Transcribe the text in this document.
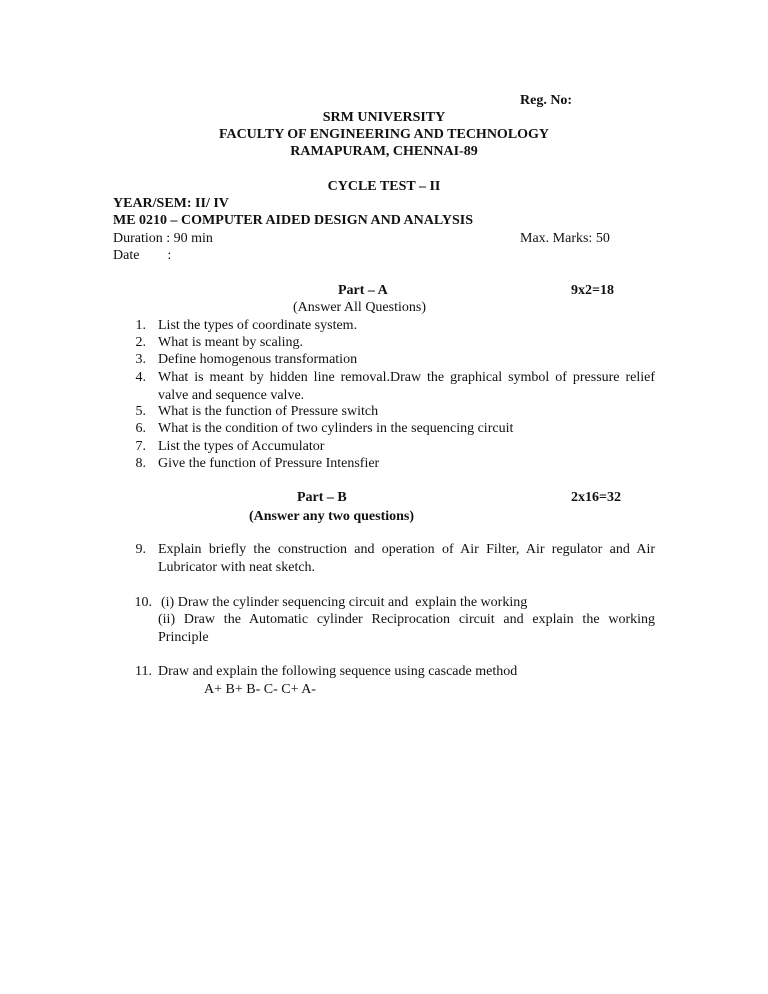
Reg. No:
SRM UNIVERSITY
FACULTY OF ENGINEERING AND TECHNOLOGY
RAMAPURAM, CHENNAI-89
CYCLE TEST – II
YEAR/SEM: II/ IV
ME 0210 – COMPUTER AIDED DESIGN AND ANALYSIS
Duration : 90 min	Max. Marks: 50
Date        :
Part – A	9x2=18
(Answer All Questions)
1. List the types of coordinate system.
2. What is meant by scaling.
3. Define homogenous transformation
4. What is meant by hidden line removal.Draw the graphical symbol of pressure relief valve and sequence valve.
5. What is the function of Pressure switch
6. What is the condition of two cylinders in the sequencing circuit
7. List the types of Accumulator
8. Give the function of Pressure Intensfier
Part – B	2x16=32
(Answer any two questions)
9. Explain briefly the construction and operation of Air Filter, Air regulator and Air Lubricator with neat sketch.
10. (i) Draw the cylinder sequencing circuit and  explain the working
(ii) Draw the Automatic cylinder Reciprocation circuit and explain the working Principle
11. Draw and explain the following sequence using cascade method
A+ B+ B- C- C+ A-
